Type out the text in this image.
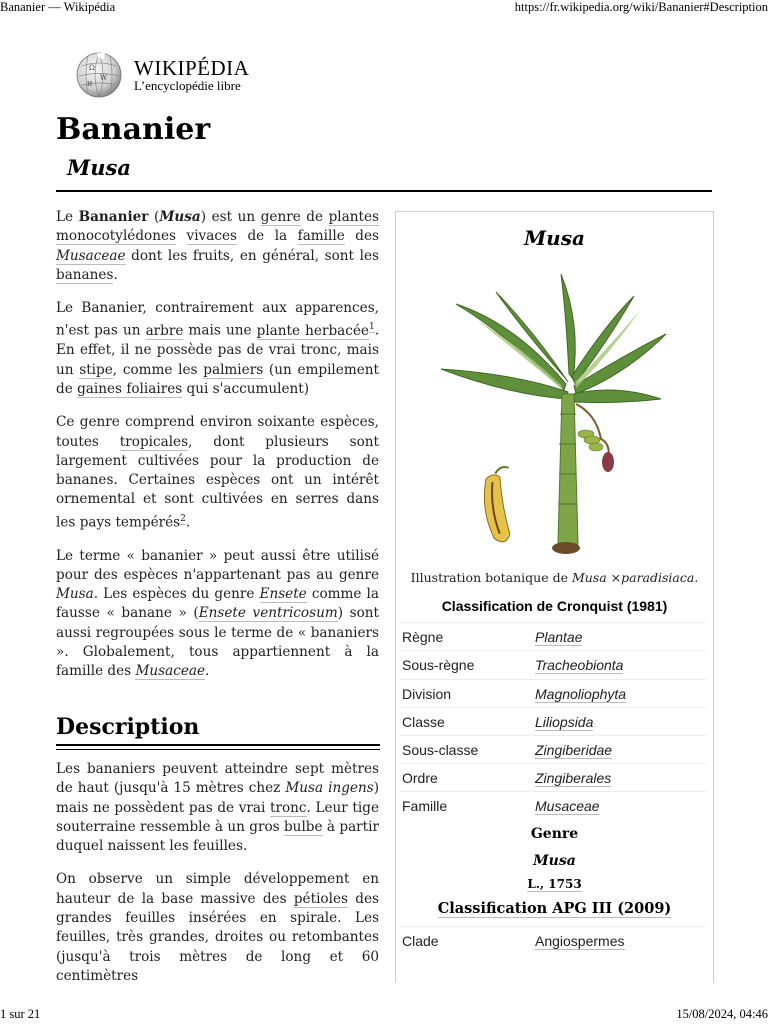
Bananier — Wikipédia	https://fr.wikipedia.org/wiki/Bananier#Description
Ω
W
И
WIKIPÉDIA
L’encyclopédie libre
Bananier
Musa

Le Bananier (Musa) est un genre de plantes monocotylédones vivaces de la famille des Musaceae dont les fruits, en général, sont les bananes.

Le Bananier, contrairement aux apparences, n'est pas un arbre mais une plante herbacée$^1$. En effet, il ne possède pas de vrai tronc, mais un stipe, comme les palmiers (un empilement de gaines foliaires qui s'accumulent)

Ce genre comprend environ soixante espèces, toutes tropicales, dont plusieurs sont largement cultivées pour la production de bananes. Certaines espèces ont un intérêt ornemental et sont cultivées en serres dans les pays tempérés$^2$.

Le terme « bananier » peut aussi être utilisé pour des espèces n'appartenant pas au genre Musa. Les espèces du genre Ensete comme la fausse « banane » (Ensete ventricosum) sont aussi regroupées sous le terme de « bananiers ». Globalement, tous appartiennent à la famille des Musaceae.

Description

Les bananiers peuvent atteindre sept mètres de haut (jusqu'à 15 mètres chez Musa ingens) mais ne possèdent pas de vrai tronc. Leur tige souterraine ressemble à un gros bulbe à partir duquel naissent les feuilles.

On observe un simple développement en hauteur de la base massive des pétioles des grandes feuilles insérées en spirale. Les feuilles, très grandes, droites ou retombantes (jusqu'à trois mètres de long et 60 centimètres

Musa
Illustration botanique de Musa ×paradisiaca.
Classification de Cronquist (1981)
Règne	Plantae
Sous-règne	Tracheobionta
Division	Magnoliophyta
Classe	Liliopsida
Sous-classe	Zingiberidae
Ordre	Zingiberales
Famille	Musaceae
Genre
Musa
L., 1753
Classification APG III (2009)
Clade	Angiospermes
1 sur 21	15/08/2024, 04:46
